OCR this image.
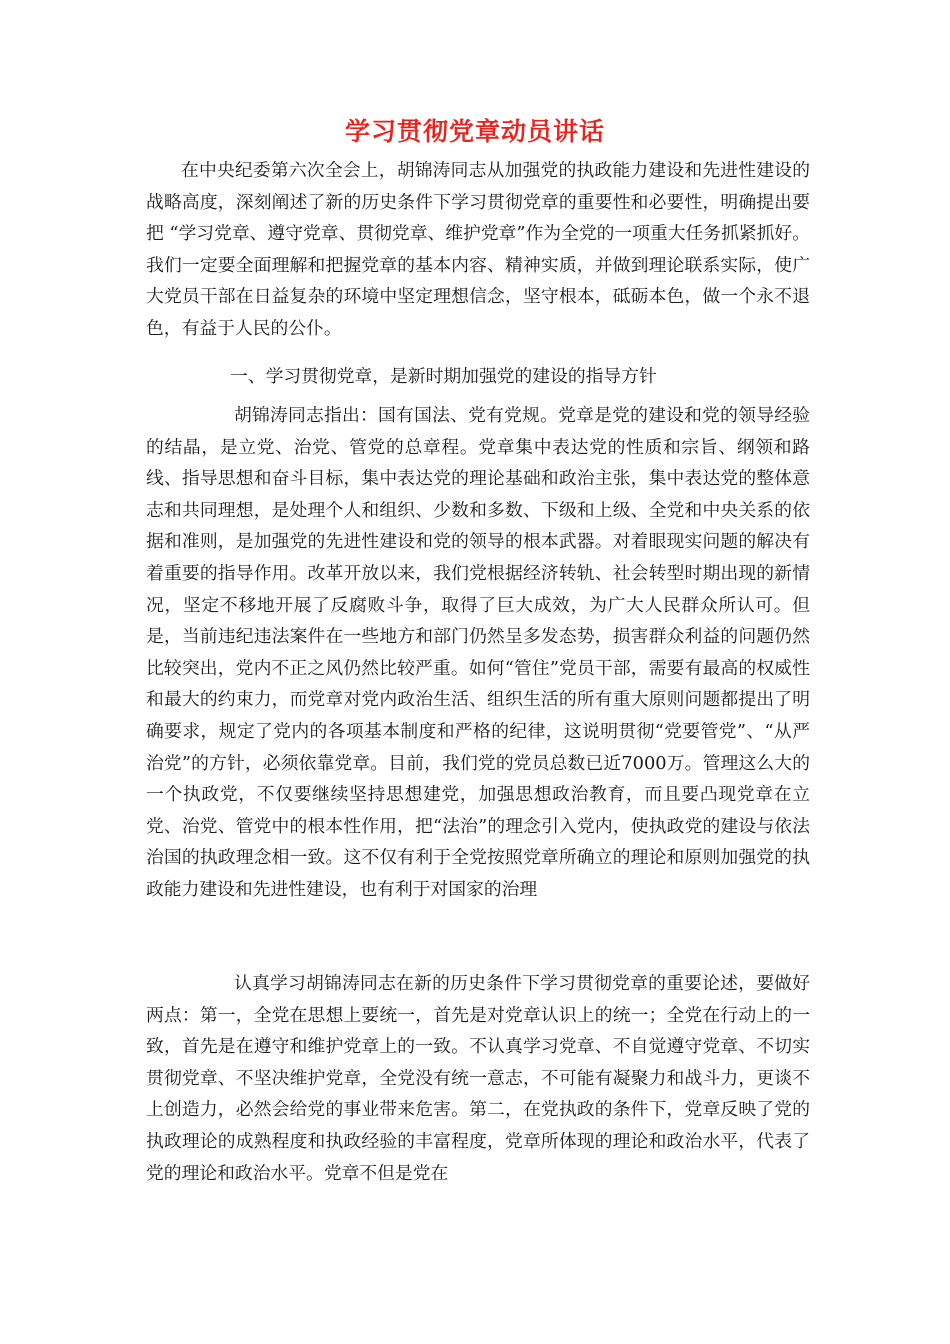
学习贯彻党章动员讲话

在中央纪委第六次全会上，胡锦涛同志从加强党的执政能力建设和先进性建设的战略高度，深刻阐述了新的历史条件下学习贯彻党章的重要性和必要性，明确提出要把 “学习党章、遵守党章、贯彻党章、维护党章”作为全党的一项重大任务抓紧抓好。我们一定要全面理解和把握党章的基本内容、精神实质，并做到理论联系实际，使广大党员干部在日益复杂的环境中坚定理想信念，坚守根本，砥砺本色，做一个永不退色，有益于人民的公仆。

一、学习贯彻党章，是新时期加强党的建设的指导方针

胡锦涛同志指出：国有国法、党有党规。党章是党的建设和党的领导经验的结晶，是立党、治党、管党的总章程。党章集中表达党的性质和宗旨、纲领和路线、指导思想和奋斗目标，集中表达党的理论基础和政治主张，集中表达党的整体意志和共同理想，是处理个人和组织、少数和多数、下级和上级、全党和中央关系的依据和准则，是加强党的先进性建设和党的领导的根本武器。对着眼现实问题的解决有着重要的指导作用。改革开放以来，我们党根据经济转轨、社会转型时期出现的新情况，坚定不移地开展了反腐败斗争，取得了巨大成效，为广大人民群众所认可。但是，当前违纪违法案件在一些地方和部门仍然呈多发态势，损害群众利益的问题仍然比较突出，党内不正之风仍然比较严重。如何“管住”党员干部，需要有最高的权威性和最大的约束力，而党章对党内政治生活、组织生活的所有重大原则问题都提出了明确要求，规定了党内的各项基本制度和严格的纪律，这说明贯彻“党要管党”、“从严治党”的方针，必须依靠党章。目前，我们党的党员总数已近7000万。管理这么大的一个执政党，不仅要继续坚持思想建党，加强思想政治教育，而且要凸现党章在立党、治党、管党中的根本性作用，把“法治”的理念引入党内，使执政党的建设与依法治国的执政理念相一致。这不仅有利于全党按照党章所确立的理论和原则加强党的执政能力建设和先进性建设，也有利于对国家的治理

认真学习胡锦涛同志在新的历史条件下学习贯彻党章的重要论述，要做好两点：第一，全党在思想上要统一，首先是对党章认识上的统一；全党在行动上的一致，首先是在遵守和维护党章上的一致。不认真学习党章、不自觉遵守党章、不切实贯彻党章、不坚决维护党章，全党没有统一意志，不可能有凝聚力和战斗力，更谈不上创造力，必然会给党的事业带来危害。第二，在党执政的条件下，党章反映了党的执政理论的成熟程度和执政经验的丰富程度，党章所体现的理论和政治水平，代表了党的理论和政治水平。党章不但是党在
